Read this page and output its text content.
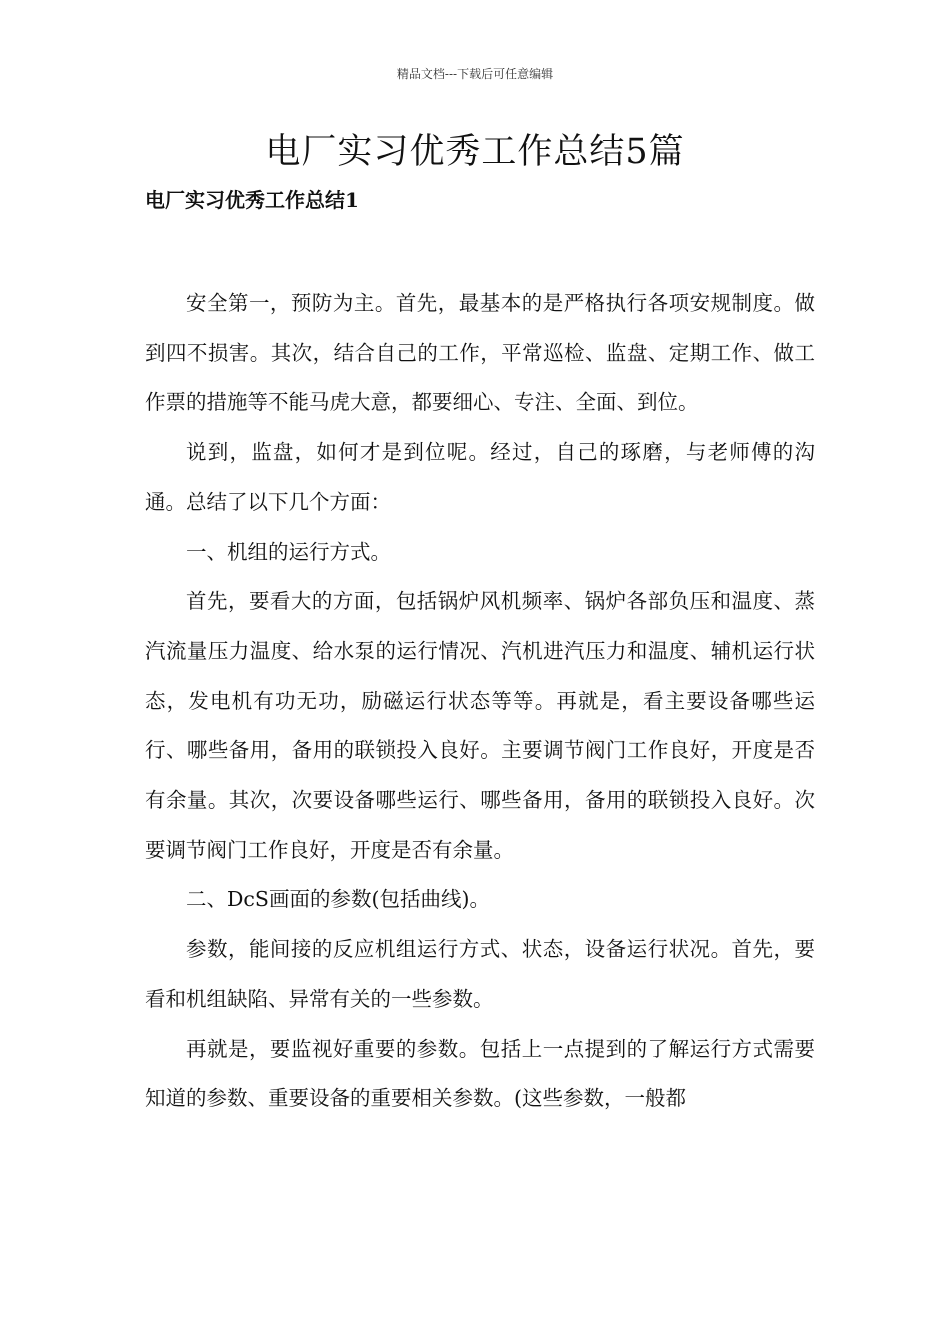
精品文档---下载后可任意编辑
电厂实习优秀工作总结5篇
电厂实习优秀工作总结1

安全第一，预防为主。首先，最基本的是严格执行各项安规制度。做到四不损害。其次，结合自己的工作，平常巡检、监盘、定期工作、做工作票的措施等不能马虎大意，都要细心、专注、全面、到位。

说到，监盘，如何才是到位呢。经过，自己的琢磨，与老师傅的沟通。总结了以下几个方面：

一、机组的运行方式。

首先，要看大的方面，包括锅炉风机频率、锅炉各部负压和温度、蒸汽流量压力温度、给水泵的运行情况、汽机进汽压力和温度、辅机运行状态，发电机有功无功，励磁运行状态等等。再就是，看主要设备哪些运行、哪些备用，备用的联锁投入良好。主要调节阀门工作良好，开度是否有余量。其次，次要设备哪些运行、哪些备用，备用的联锁投入良好。次要调节阀门工作良好，开度是否有余量。

二、DcS画面的参数(包括曲线)。

参数，能间接的反应机组运行方式、状态，设备运行状况。首先，要看和机组缺陷、异常有关的一些参数。

再就是，要监视好重要的参数。包括上一点提到的了解运行方式需要知道的参数、重要设备的重要相关参数。(这些参数，一般都
